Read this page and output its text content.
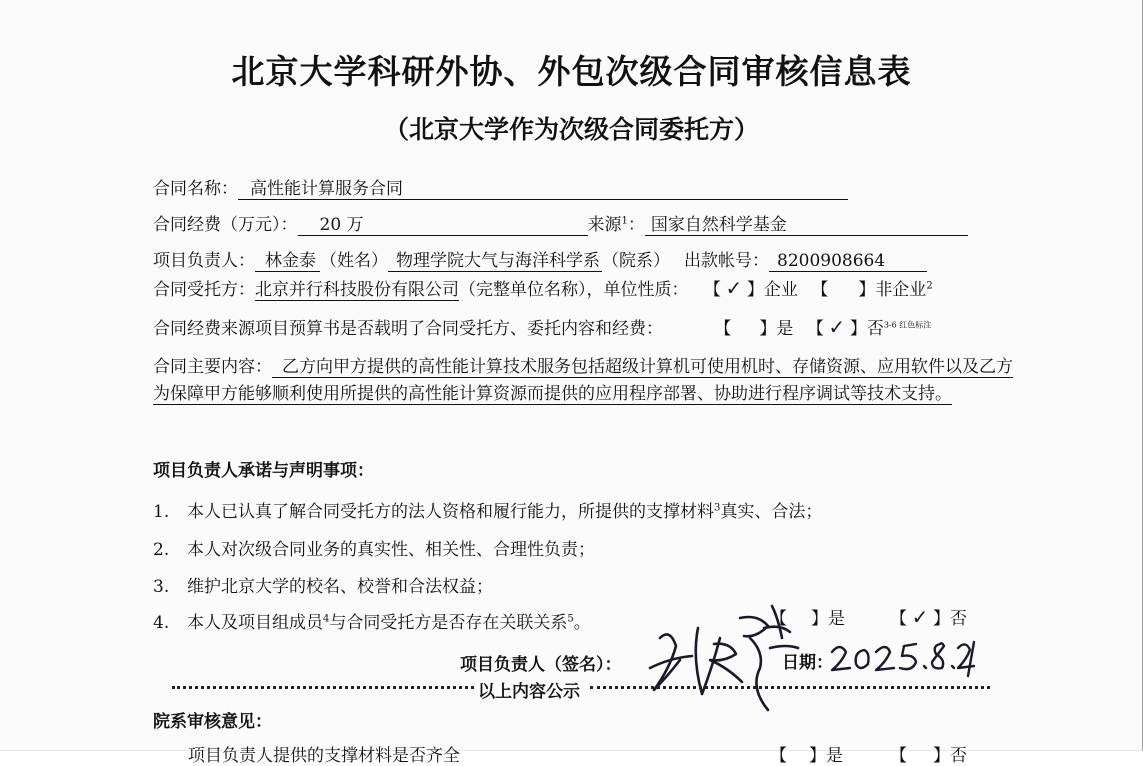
北京大学科研外协、外包次级合同审核信息表
（北京大学作为次级合同委托方）
合同名称： 高性能计算服务合同
合同经费（万元）： 20 万	来源$^1$： 国家自然科学基金
项目负责人： 林金泰 （姓名） 物理学院大气与海洋科学系 （院系） 出款帐号： 8200908664
合同受托方：北京并行科技股份有限公司（完整单位名称），单位性质： 【 ✓ 】企业 【 】非企业$^2$
合同经费来源项目预算书是否载明了合同受托方、委托内容和经费：	【 】是 【 ✓ 】否$^{3-6 红色标注}$
合同主要内容： 乙方向甲方提供的高性能计算技术服务包括超级计算机可使用机时、存储资源、应用软件以及乙方为保障甲方能够顺利使用所提供的高性能计算资源而提供的应用程序部署、协助进行程序调试等技术支持。
项目负责人承诺与声明事项：
1. 本人已认真了解合同受托方的法人资格和履行能力，所提供的支撑材料$^3$真实、合法；
2. 本人对次级合同业务的真实性、相关性、合理性负责；
3. 维护北京大学的校名、校誉和合法权益；
4. 本人及项目组成员$^4$与合同受托方是否存在关联关系$^5$。	【 】是	【 ✓ 】否
项目负责人（签名）：	日期：
以上内容公示
院系审核意见：
项目负责人提供的支撑材料是否齐全	【 】是	【 】否
